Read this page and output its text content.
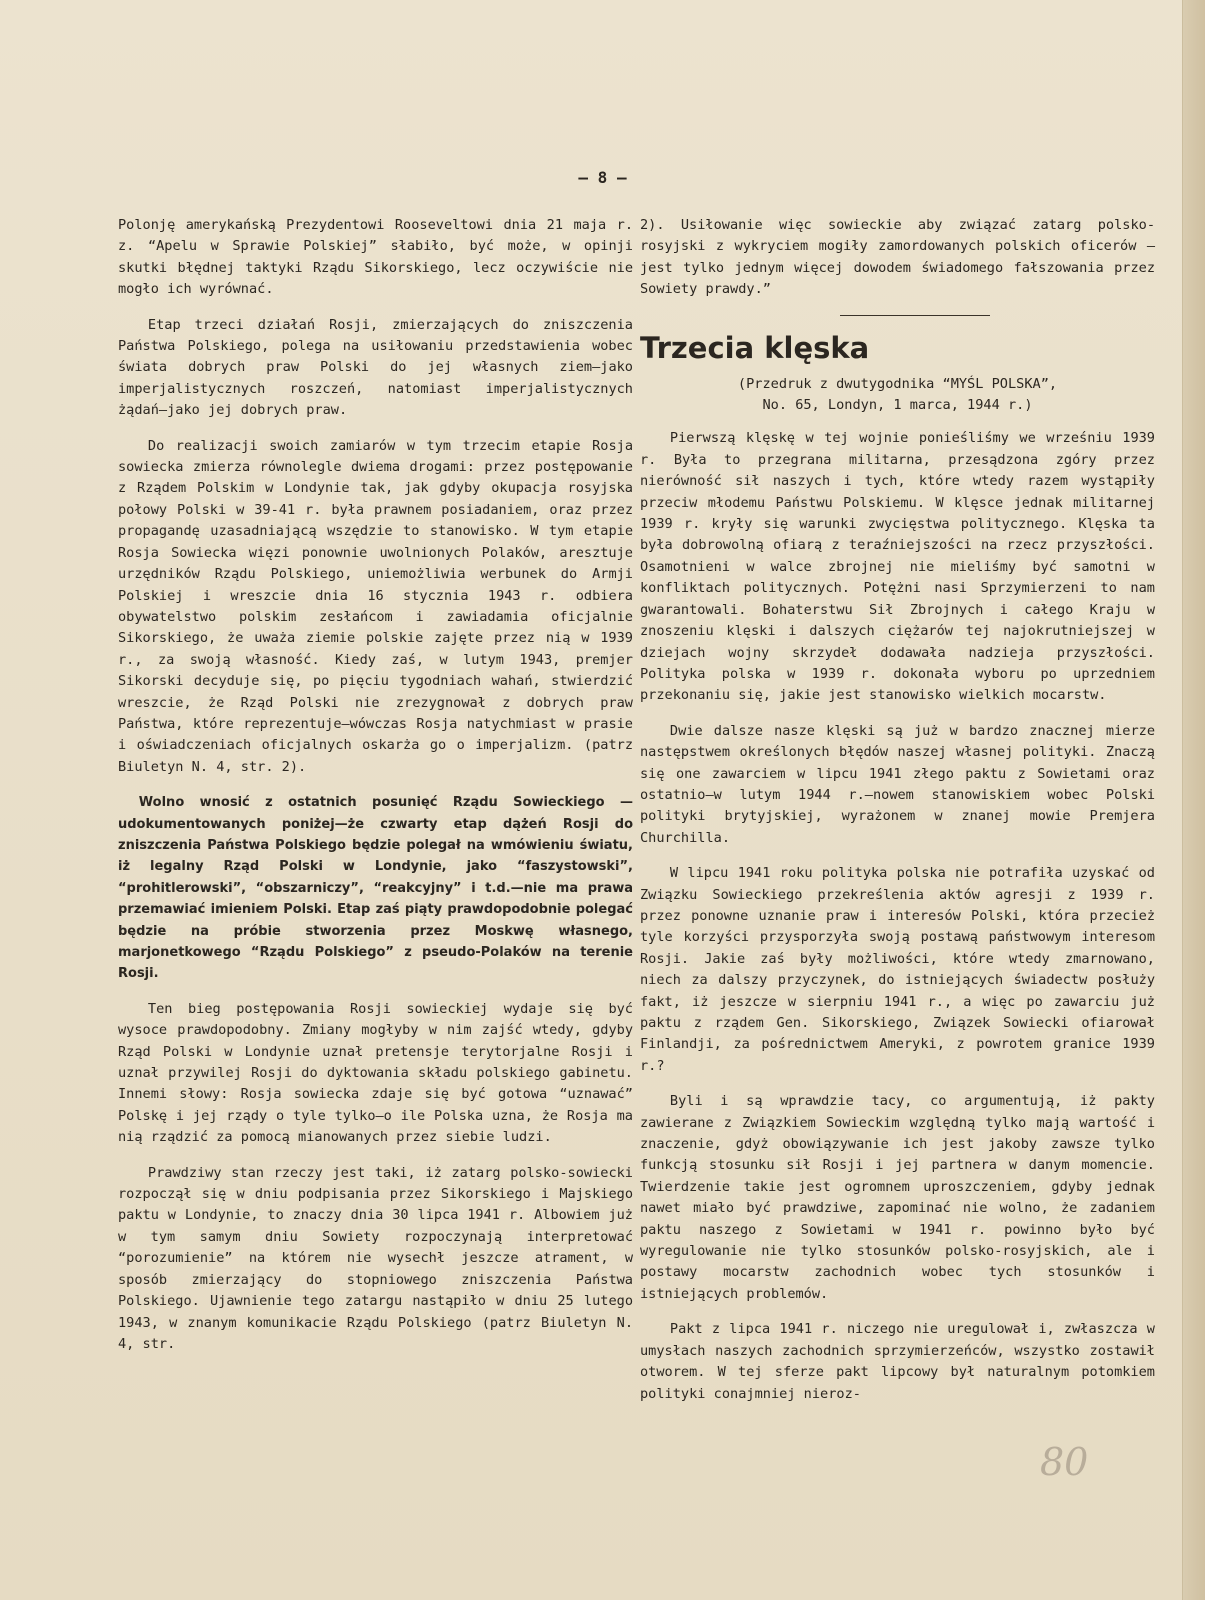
— 8 —

Polonję amerykańską Prezydentowi Rooseveltowi dnia 21 maja r. z. “Apelu w Sprawie Polskiej” słabiło, być może, w opinji skutki błędnej taktyki Rządu Sikorskiego, lecz oczywiście nie mogło ich wyrównać.

Etap trzeci działań Rosji, zmierzających do zniszczenia Państwa Polskiego, polega na usiłowaniu przedstawienia wobec świata dobrych praw Polski do jej własnych ziem—jako imperjalistycznych roszczeń, natomiast imperjalistycznych żądań—jako jej dobrych praw.

Do realizacji swoich zamiarów w tym trzecim etapie Rosja sowiecka zmierza równolegle dwiema drogami: przez postępowanie z Rządem Polskim w Londynie tak, jak gdyby okupacja rosyjska połowy Polski w 39-41 r. była prawnem posiadaniem, oraz przez propagandę uzasadniającą wszędzie to stanowisko. W tym etapie Rosja Sowiecka więzi ponownie uwolnionych Polaków, aresztuje urzędników Rządu Polskiego, uniemożliwia werbunek do Armji Polskiej i wreszcie dnia 16 stycznia 1943 r. odbiera obywatelstwo polskim zesłańcom i zawiadamia oficjalnie Sikorskiego, że uważa ziemie polskie zajęte przez nią w 1939 r., za swoją własność. Kiedy zaś, w lutym 1943, premjer Sikorski decyduje się, po pięciu tygodniach wahań, stwierdzić wreszcie, że Rząd Polski nie zrezygnował z dobrych praw Państwa, które reprezentuje—wówczas Rosja natychmiast w prasie i oświadczeniach oficjalnych oskarża go o imperjalizm. (patrz Biuletyn N. 4, str. 2).

Wolno wnosić z ostatnich posunięć Rządu Sowieckiego —udokumentowanych poniżej—że czwarty etap dążeń Rosji do zniszczenia Państwa Polskiego będzie polegał na wmówieniu światu, iż legalny Rząd Polski w Londynie, jako “faszystowski”, “prohitlerowski”, “obszarniczy”, “reakcyjny” i t.d.—nie ma prawa przemawiać imieniem Polski. Etap zaś piąty prawdopodobnie polegać będzie na próbie stworzenia przez Moskwę własnego, marjonetkowego “Rządu Polskiego” z pseudo-Polaków na terenie Rosji.

Ten bieg postępowania Rosji sowieckiej wydaje się być wysoce prawdopodobny. Zmiany mogłyby w nim zajść wtedy, gdyby Rząd Polski w Londynie uznał pretensje terytorjalne Rosji i uznał przywilej Rosji do dyktowania składu polskiego gabinetu. Innemi słowy: Rosja sowiecka zdaje się być gotowa “uznawać” Polskę i jej rządy o tyle tylko—o ile Polska uzna, że Rosja ma nią rządzić za pomocą mianowanych przez siebie ludzi.

Prawdziwy stan rzeczy jest taki, iż zatarg polsko-sowiecki rozpoczął się w dniu podpisania przez Sikorskiego i Majskiego paktu w Londynie, to znaczy dnia 30 lipca 1941 r. Albowiem już w tym samym dniu Sowiety rozpoczynają interpretować “porozumienie” na którem nie wysechł jeszcze atrament, w sposób zmierzający do stopniowego zniszczenia Państwa Polskiego. Ujawnienie tego zatargu nastąpiło w dniu 25 lutego 1943, w znanym komunikacie Rządu Polskiego (patrz Biuletyn N. 4, str.

2). Usiłowanie więc sowieckie aby związać zatarg polsko-rosyjski z wykryciem mogiły zamordowanych polskich oficerów — jest tylko jednym więcej dowodem świadomego fałszowania przez Sowiety prawdy.”

Trzecia klęska
(Przedruk z dwutygodnika “MYŚL POLSKA”,
No. 65, Londyn, 1 marca, 1944 r.)

Pierwszą klęskę w tej wojnie ponieśliśmy we wrześniu 1939 r. Była to przegrana militarna, przesądzona zgóry przez nierówność sił naszych i tych, które wtedy razem wystąpiły przeciw młodemu Państwu Polskiemu. W klęsce jednak militarnej 1939 r. kryły się warunki zwycięstwa politycznego. Klęska ta była dobrowolną ofiarą z teraźniejszości na rzecz przyszłości. Osamotnieni w walce zbrojnej nie mieliśmy być samotni w konfliktach politycznych. Potężni nasi Sprzymierzeni to nam gwarantowali. Bohaterstwu Sił Zbrojnych i całego Kraju w znoszeniu klęski i dalszych ciężarów tej najokrutniejszej w dziejach wojny skrzydeł dodawała nadzieja przyszłości. Polityka polska w 1939 r. dokonała wyboru po uprzedniem przekonaniu się, jakie jest stanowisko wielkich mocarstw.

Dwie dalsze nasze klęski są już w bardzo znacznej mierze następstwem określonych błędów naszej własnej polityki. Znaczą się one zawarciem w lipcu 1941 złego paktu z Sowietami oraz ostatnio—w lutym 1944 r.—nowem stanowiskiem wobec Polski polityki brytyjskiej, wyrażonem w znanej mowie Premjera Churchilla.

W lipcu 1941 roku polityka polska nie potrafiła uzyskać od Związku Sowieckiego przekreślenia aktów agresji z 1939 r. przez ponowne uznanie praw i interesów Polski, która przecież tyle korzyści przysporzyła swoją postawą państwowym interesom Rosji. Jakie zaś były możliwości, które wtedy zmarnowano, niech za dalszy przyczynek, do istniejących świadectw posłuży fakt, iż jeszcze w sierpniu 1941 r., a więc po zawarciu już paktu z rządem Gen. Sikorskiego, Związek Sowiecki ofiarował Finlandji, za pośrednictwem Ameryki, z powrotem granice 1939 r.?

Byli i są wprawdzie tacy, co argumentują, iż pakty zawierane z Związkiem Sowieckim względną tylko mają wartość i znaczenie, gdyż obowiązywanie ich jest jakoby zawsze tylko funkcją stosunku sił Rosji i jej partnera w danym momencie. Twierdzenie takie jest ogromnem uproszczeniem, gdyby jednak nawet miało być prawdziwe, zapominać nie wolno, że zadaniem paktu naszego z Sowietami w 1941 r. powinno było być wyregulowanie nie tylko stosunków polsko-rosyjskich, ale i postawy mocarstw zachodnich wobec tych stosunków i istniejących problemów.

Pakt z lipca 1941 r. niczego nie uregulował i, zwłaszcza w umysłach naszych zachodnich sprzymierzeńców, wszystko zostawił otworem. W tej sferze pakt lipcowy był naturalnym potomkiem polityki conajmniej nieroz-

80
